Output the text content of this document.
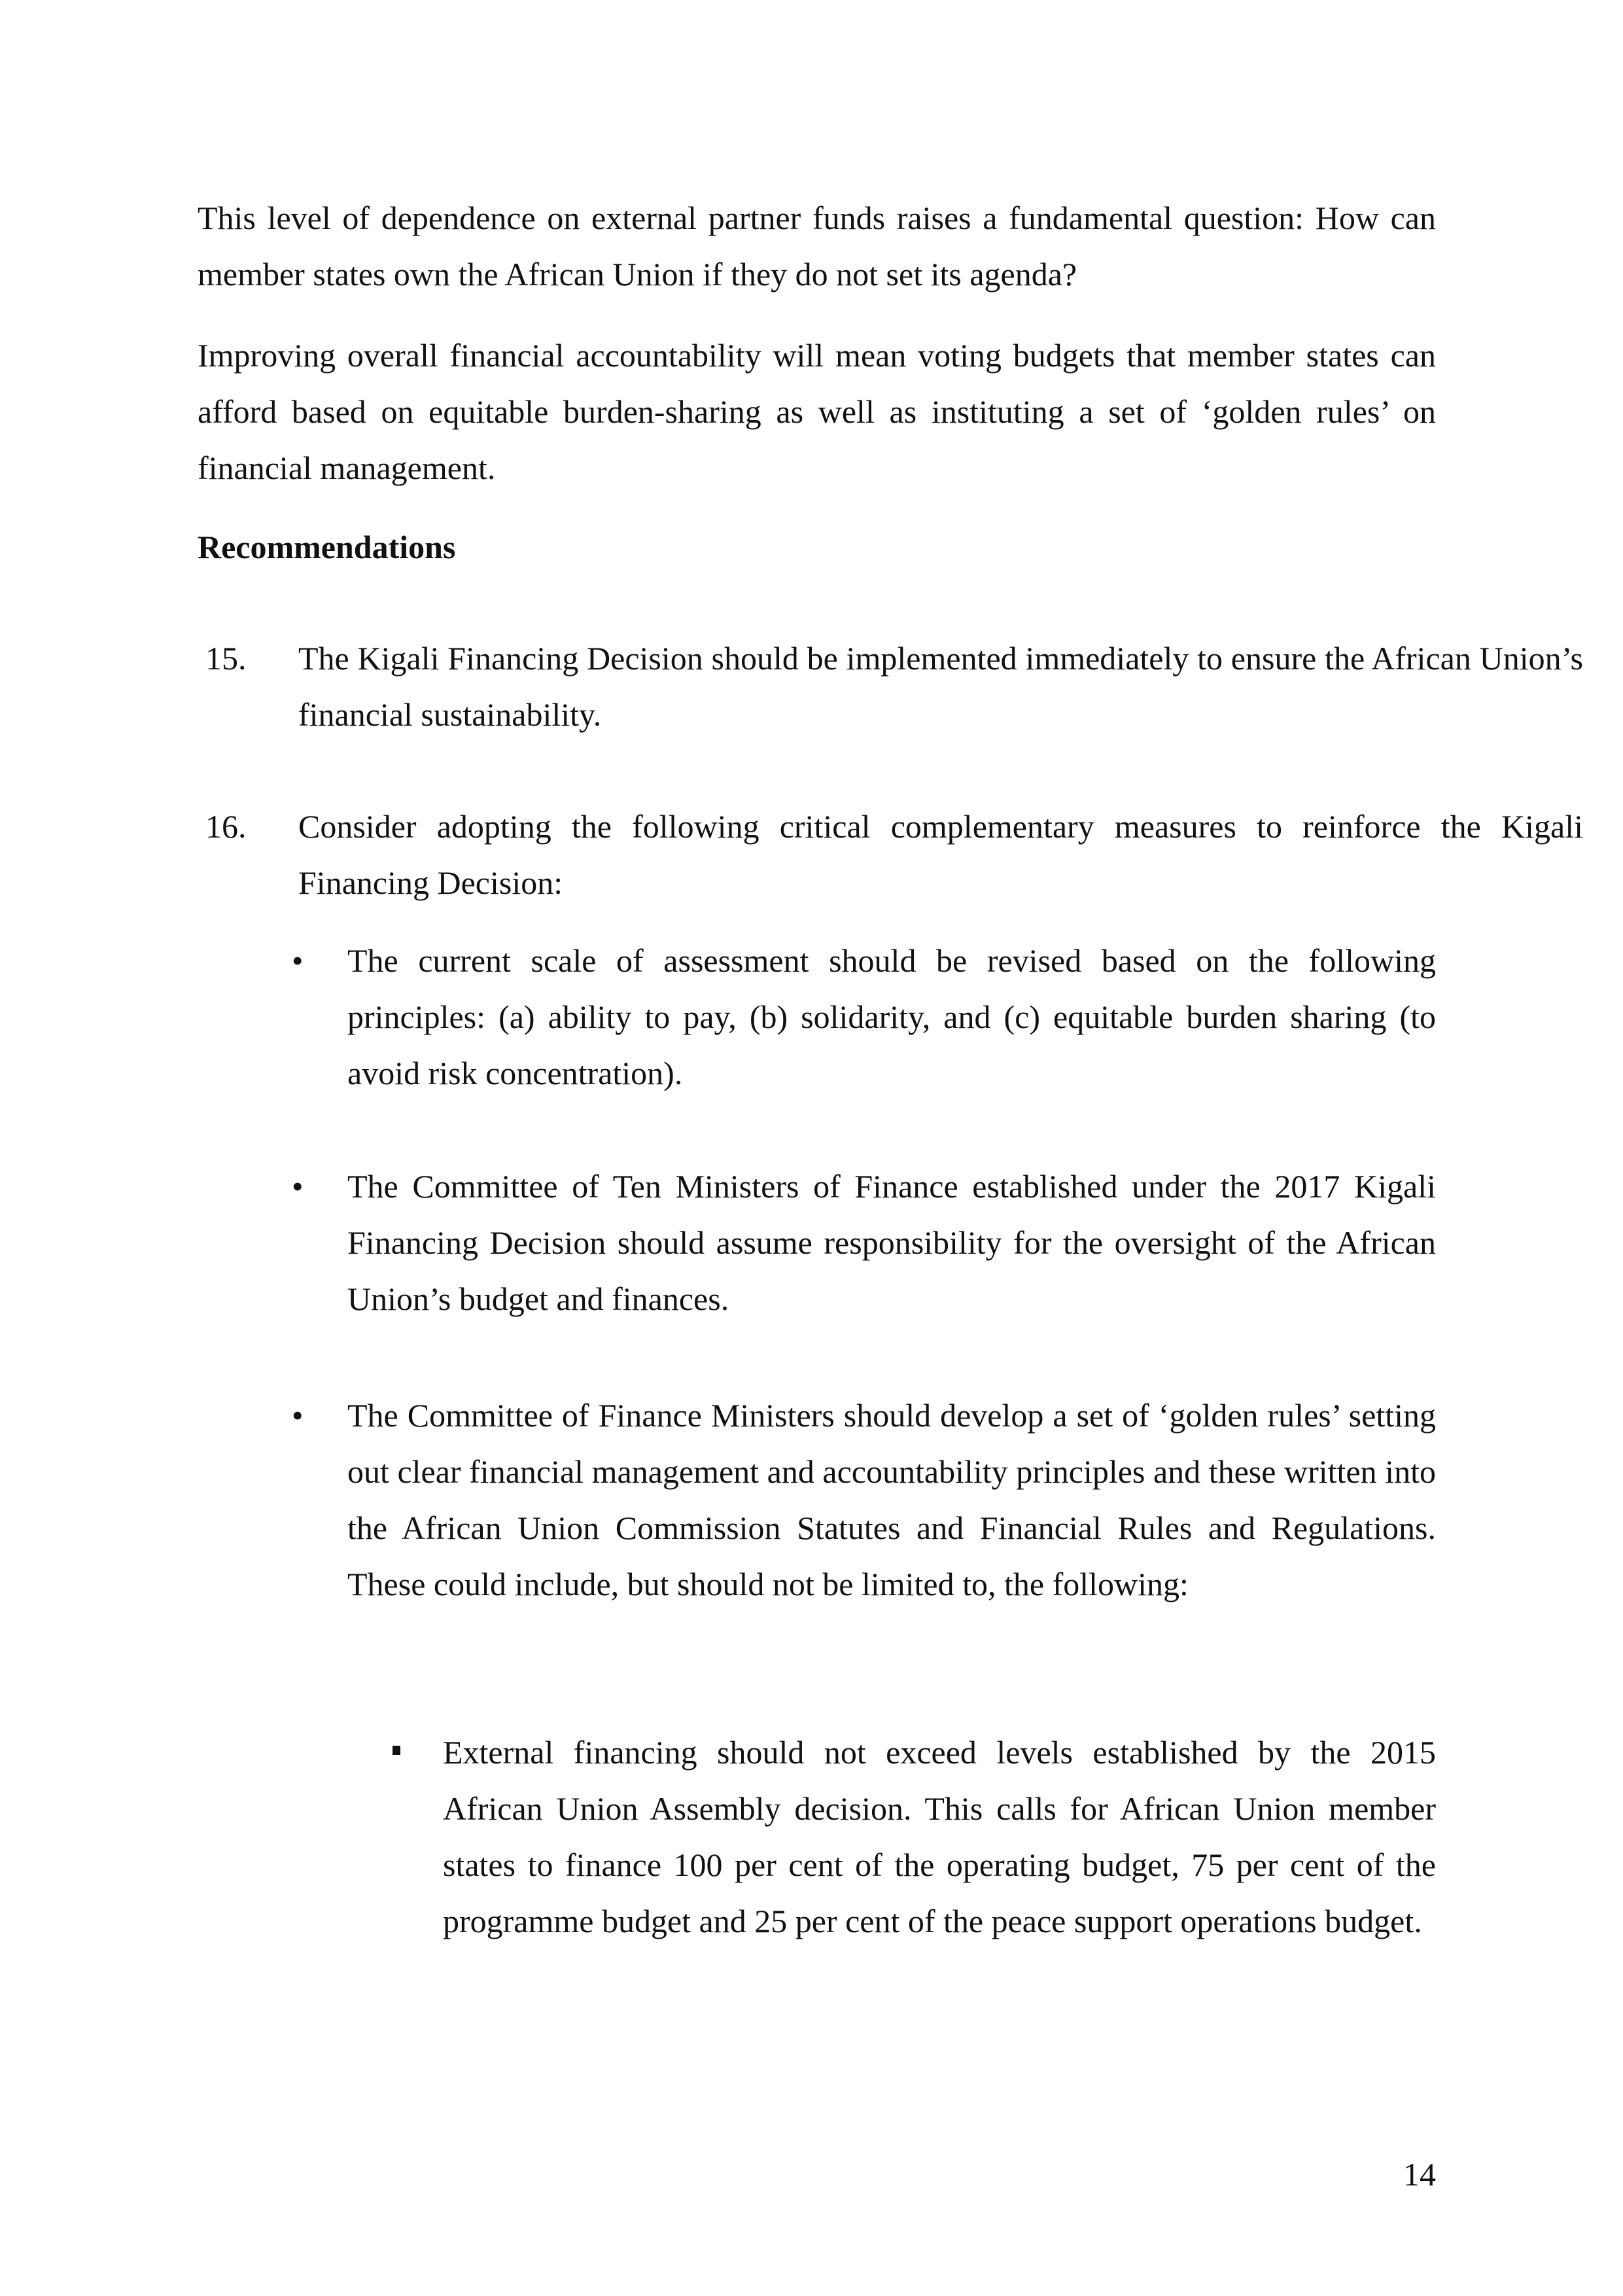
This level of dependence on external partner funds raises a fundamental question: How can member states own the African Union if they do not set its agenda?

Improving overall financial accountability will mean voting budgets that member states can afford based on equitable burden-sharing as well as instituting a set of ‘golden rules’ on financial management.

Recommendations

15. The Kigali Financing Decision should be implemented immediately to ensure the African Union’s financial sustainability.
16. Consider adopting the following critical complementary measures to reinforce the Kigali Financing Decision:
• The current scale of assessment should be revised based on the following principles: (a) ability to pay, (b) solidarity, and (c) equitable burden sharing (to avoid risk concentration).
• The Committee of Ten Ministers of Finance established under the 2017 Kigali Financing Decision should assume responsibility for the oversight of the African Union’s budget and finances.
• The Committee of Finance Ministers should develop a set of ‘golden rules’ setting out clear financial management and accountability principles and these written into the African Union Commission Statutes and Financial Rules and Regulations. These could include, but should not be limited to, the following:
External financing should not exceed levels established by the 2015 African Union Assembly decision. This calls for African Union member states to finance 100 per cent of the operating budget, 75 per cent of the programme budget and 25 per cent of the peace support operations budget.
14
